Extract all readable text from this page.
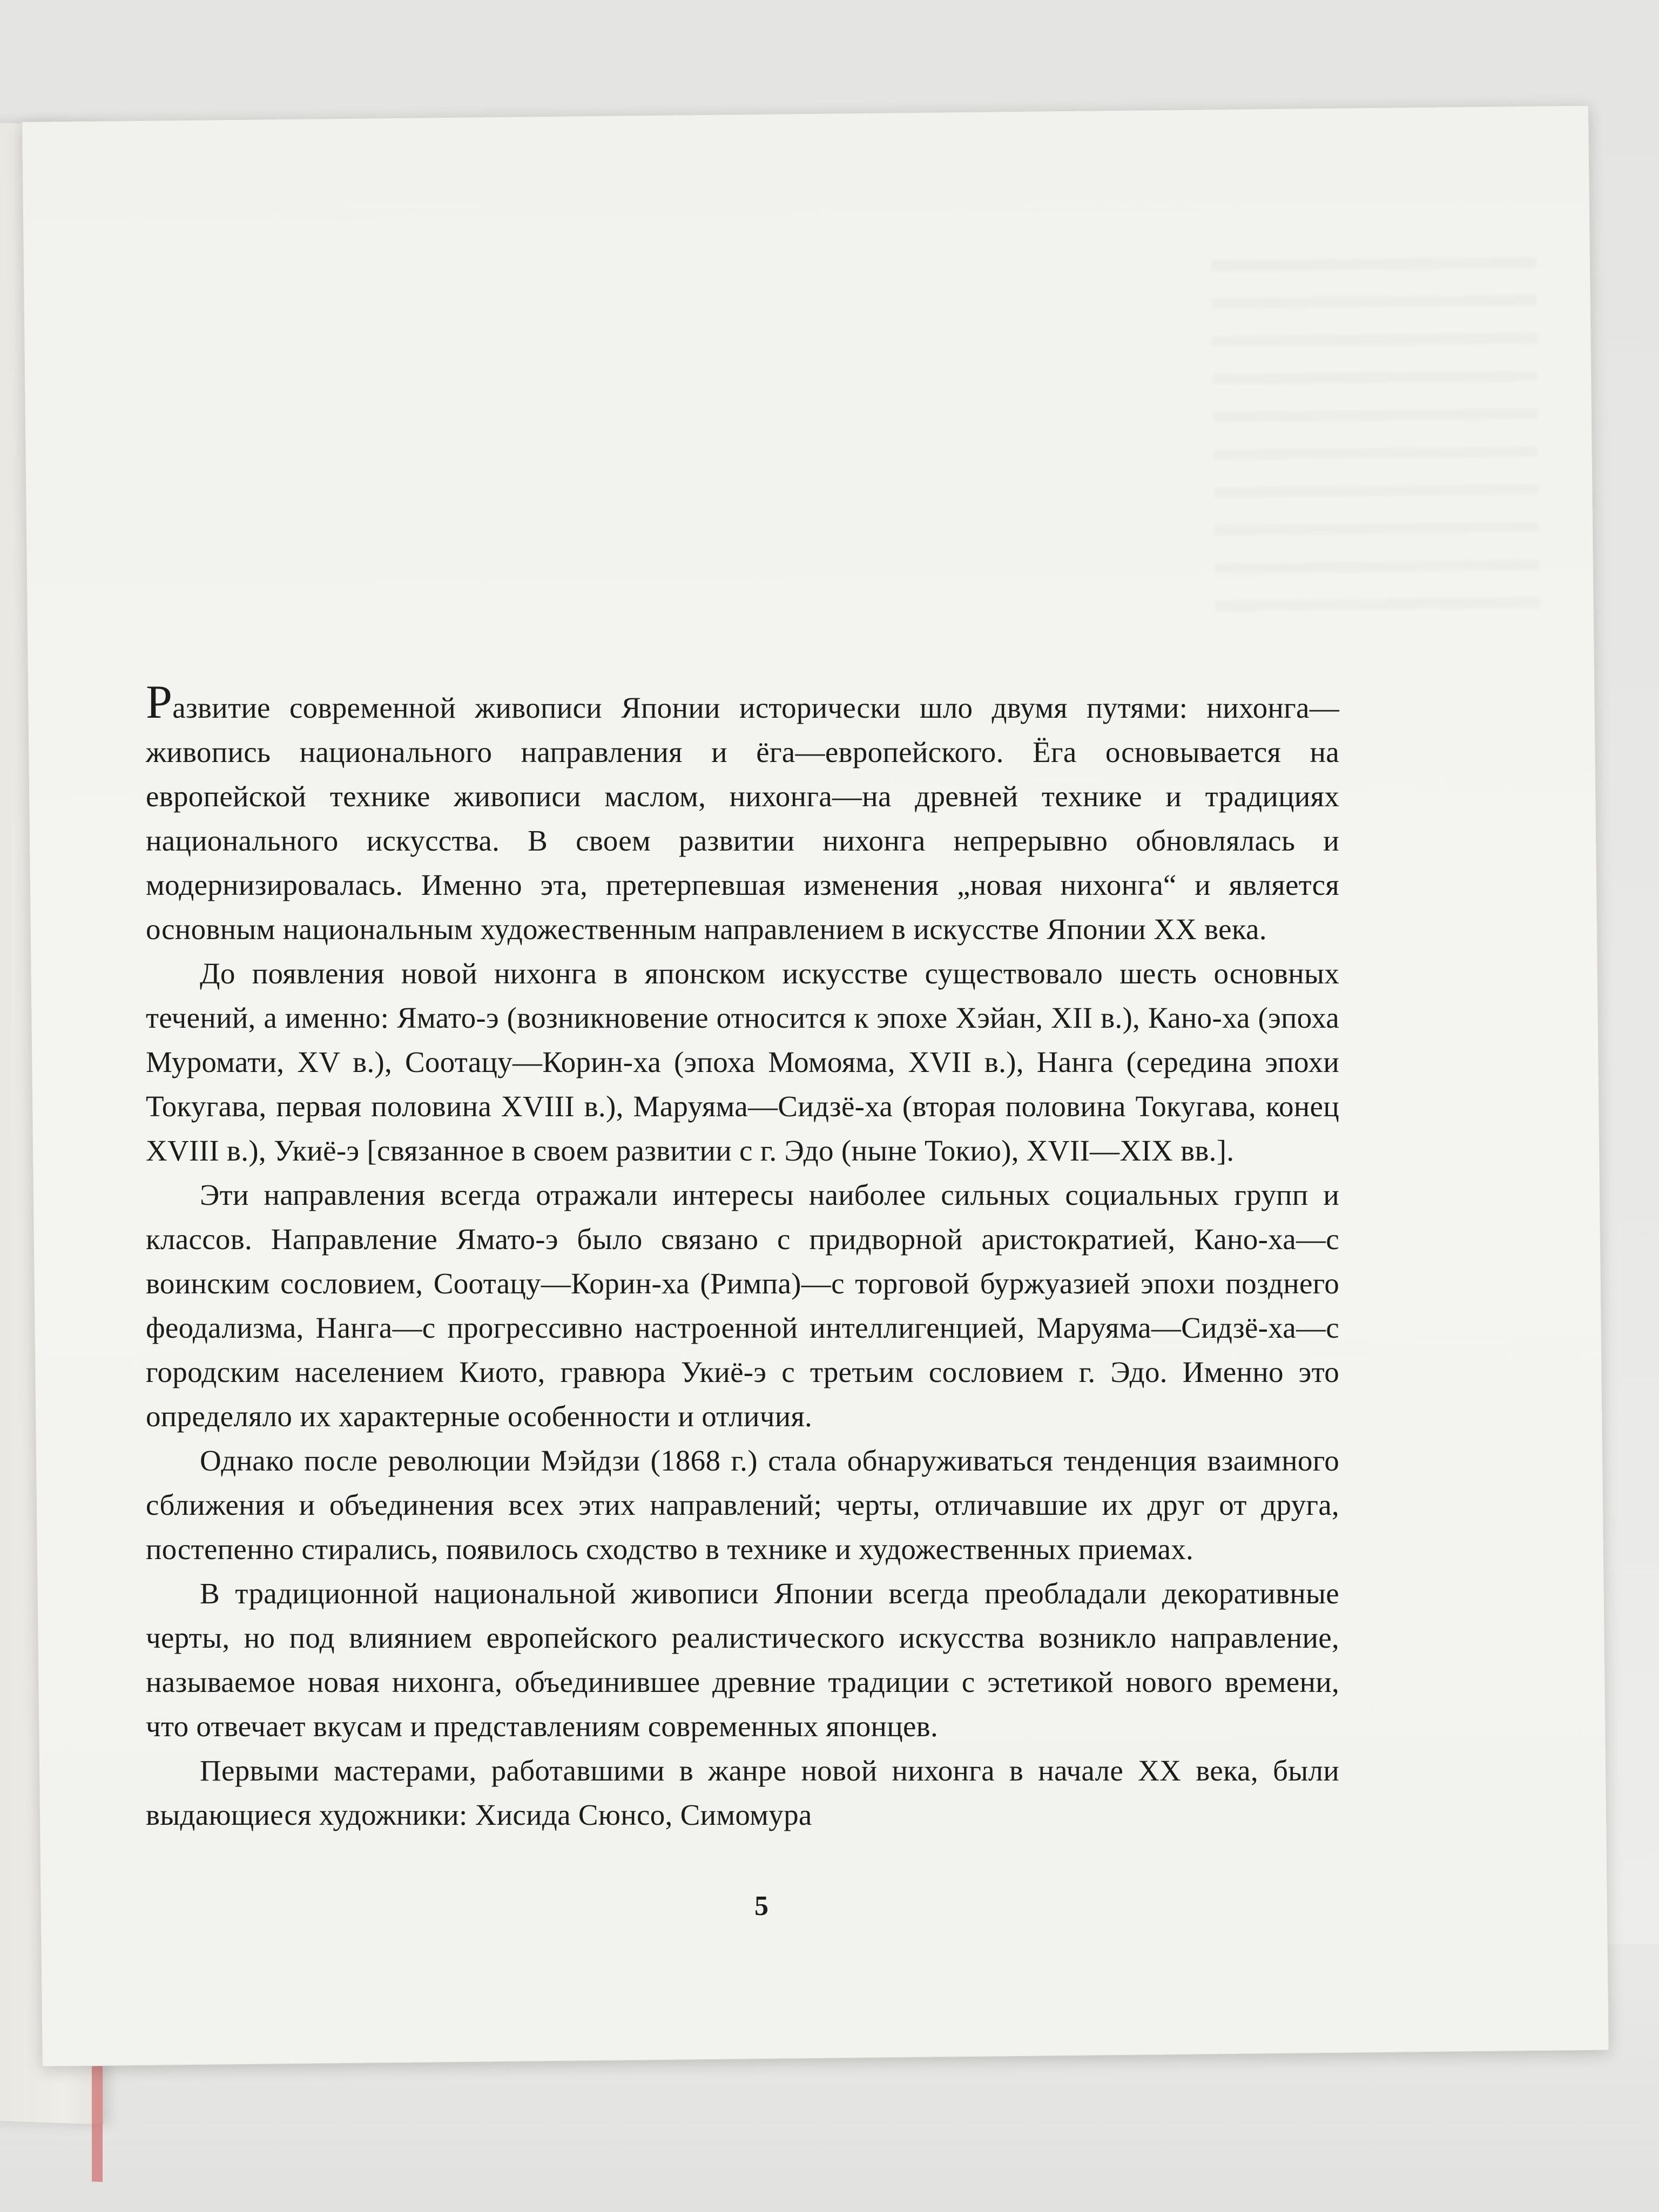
Развитие современной живописи Японии исторически шло двумя путями: нихонга—живопись национального направления и ёга—европейского. Ёга основывается на европейской технике живописи маслом, нихонга—на древней технике и традициях национального искусства. В своем развитии нихонга непрерывно обновлялась и модернизировалась. Именно эта, претерпевшая изменения „новая нихонга“ и является основным национальным художественным направлением в искусстве Японии XX века.

До появления новой нихонга в японском искусстве существовало шесть основных течений, а именно: Ямато-э (возникновение относится к эпохе Хэйан, XII в.), Кано-ха (эпоха Муромати, XV в.), Соотацу—Корин-ха (эпоха Момояма, XVII в.), Нанга (середина эпохи Токугава, первая половина XVIII в.), Маруяма—Сидзё-ха (вторая половина Токугава, конец XVIII в.), Укиё-э [связанное в своем развитии с г. Эдо (ныне Токио), XVII—XIX вв.].

Эти направления всегда отражали интересы наиболее сильных социальных групп и классов. Направление Ямато-э было связано с придворной аристократией, Кано-ха—с воинским сословием, Соотацу—Корин-ха (Римпа)—с торговой буржуазией эпохи позднего феодализма, Нанга—с прогрессивно настроенной интеллигенцией, Маруяма—Сидзё-ха—с городским населением Киото, гравюра Укиё-э с третьим сословием г. Эдо. Именно это определяло их характерные особенности и отличия.

Однако после революции Мэйдзи (1868 г.) стала обнаруживаться тенденция взаимного сближения и объединения всех этих направлений; черты, отличавшие их друг от друга, постепенно стирались, появилось сходство в технике и художественных приемах.

В традиционной национальной живописи Японии всегда преобладали декоративные черты, но под влиянием европейского реалистического искусства возникло направление, называемое новая нихонга, объединившее древние традиции с эстетикой нового времени, что отвечает вкусам и представлениям современных японцев.

Первыми мастерами, работавшими в жанре новой нихонга в начале XX века, были выдающиеся художники: Хисида Сюнсо, Симомура

5
